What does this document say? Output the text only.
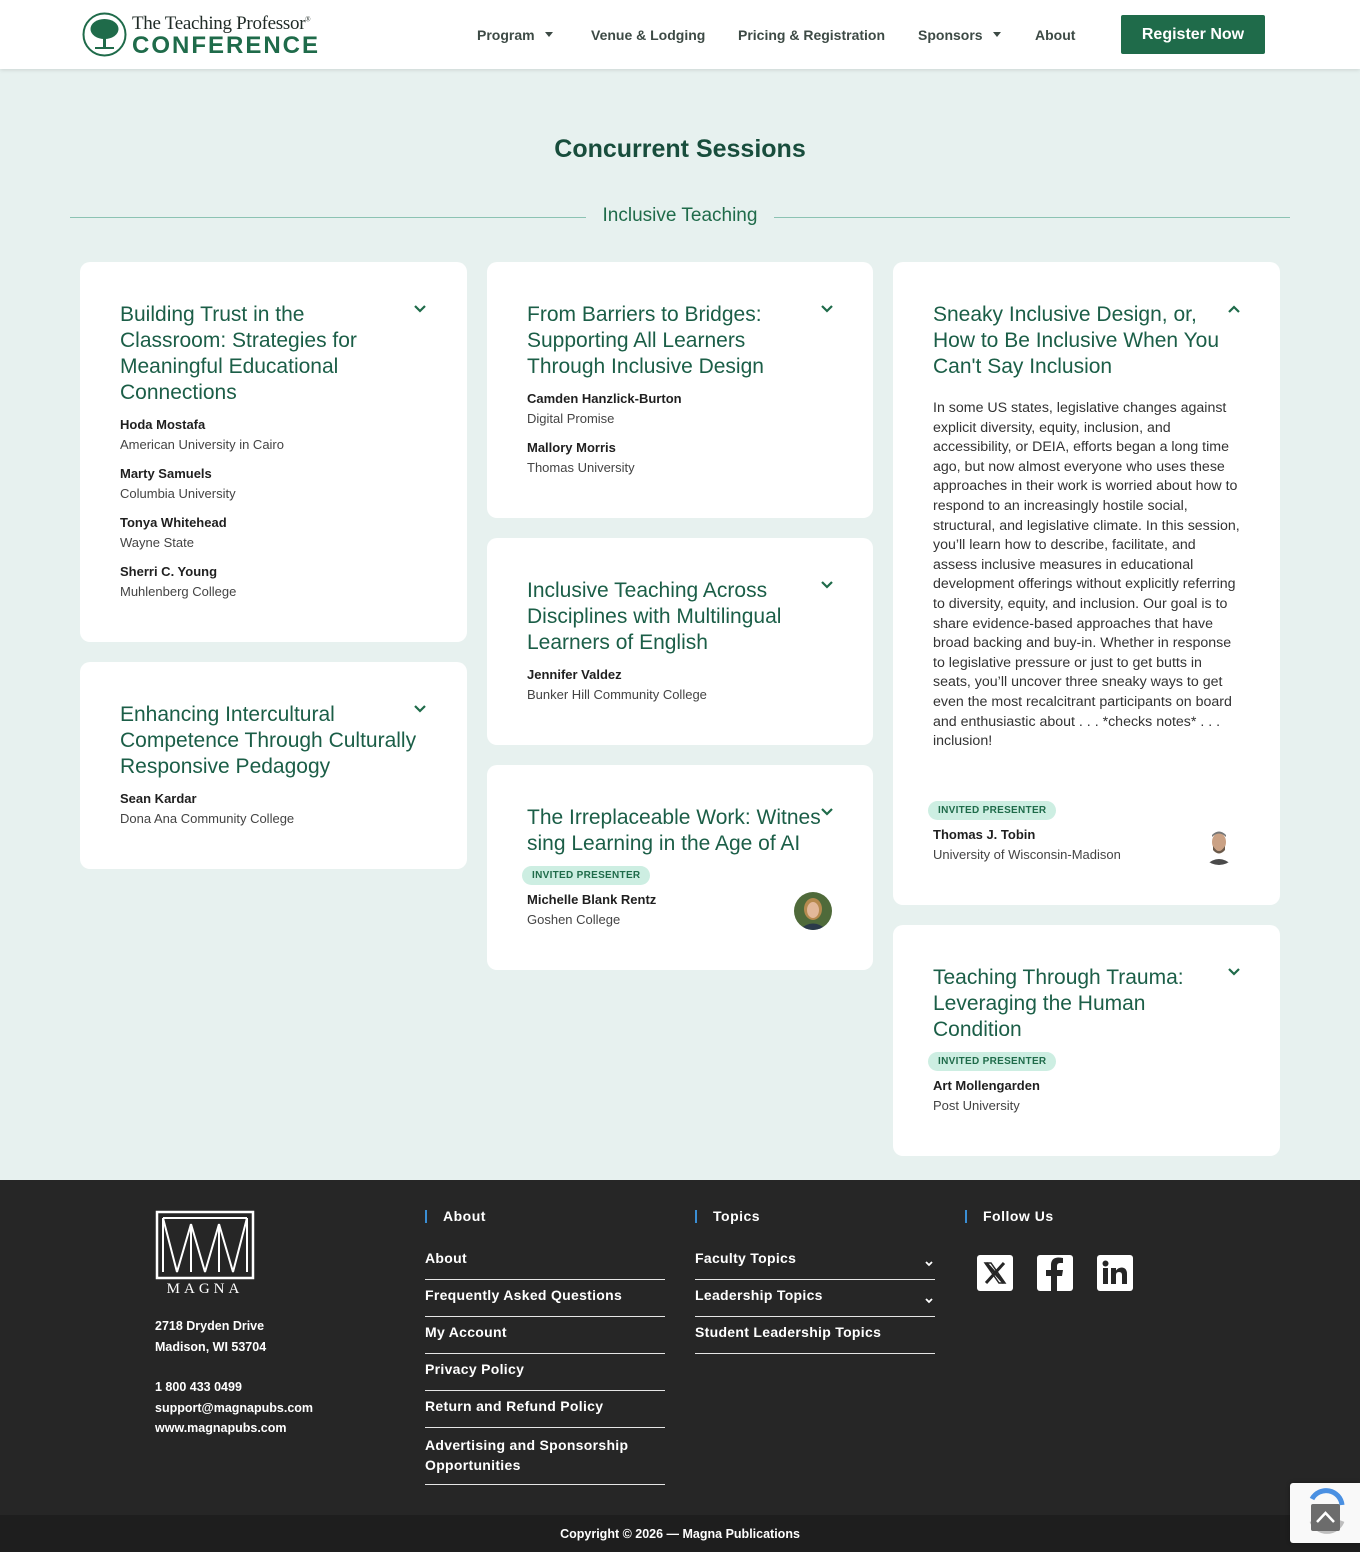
The Teaching Professor®
CONFERENCE	Program	Venue & Lodging Pricing & Registration Sponsors	About	Register Now
Concurrent Sessions
Inclusive Teaching
Building Trust in the Classroom: Strategies for Meaningful Educational Connections
Hoda Mostafa
American University in Cairo
Marty Samuels
Columbia University
Tonya Whitehead
Wayne State
Sherri C. Young
Muhlenberg College
Enhancing Intercultural Competence Through Culturally Responsive Pedagogy
Sean Kardar
Dona Ana Community College
From Barriers to Bridges: Supporting All Learners Through Inclusive Design
Camden Hanzlick-Burton
Digital Promise
Mallory Morris
Thomas University
Inclusive Teaching Across Disciplines with Multilingual Learners of English
Jennifer Valdez
Bunker Hill Community College
The Irreplaceable Work: Witnessing Learning in the Age of AI
INVITED PRESENTER
Michelle Blank Rentz
Goshen College
Sneaky Inclusive Design, or, How to Be Inclusive When You Can't Say Inclusion
In some US states, legislative changes against explicit diversity, equity, inclusion, and accessibility, or DEIA, efforts began a long time ago, but now almost everyone who uses these approaches in their work is worried about how to respond to an increasingly hostile social, structural, and legislative climate. In this session, you’ll learn how to describe, facilitate, and assess inclusive measures in educational development offerings without explicitly referring to diversity, equity, and inclusion. Our goal is to share evidence-based approaches that have broad backing and buy-in. Whether in response to legislative pressure or just to get butts in seats, you’ll uncover three sneaky ways to get even the most recalcitrant participants on board and enthusiastic about . . . *checks notes* . . . inclusion!
INVITED PRESENTER
Thomas J. Tobin
University of Wisconsin-Madison
Teaching Through Trauma: Leveraging the Human Condition
INVITED PRESENTER
Art Mollengarden
Post University
MAGNA
2718 Dryden Drive
Madison, WI 53704
1 800 433 0499
support@magnapubs.com
www.magnapubs.com
About
About
Frequently Asked Questions
My Account
Privacy Policy
Return and Refund Policy
Advertising and Sponsorship Opportunities
Topics
Faculty Topics
Leadership Topics
Student Leadership Topics
Follow Us
Copyright © 2026 — Magna Publications
